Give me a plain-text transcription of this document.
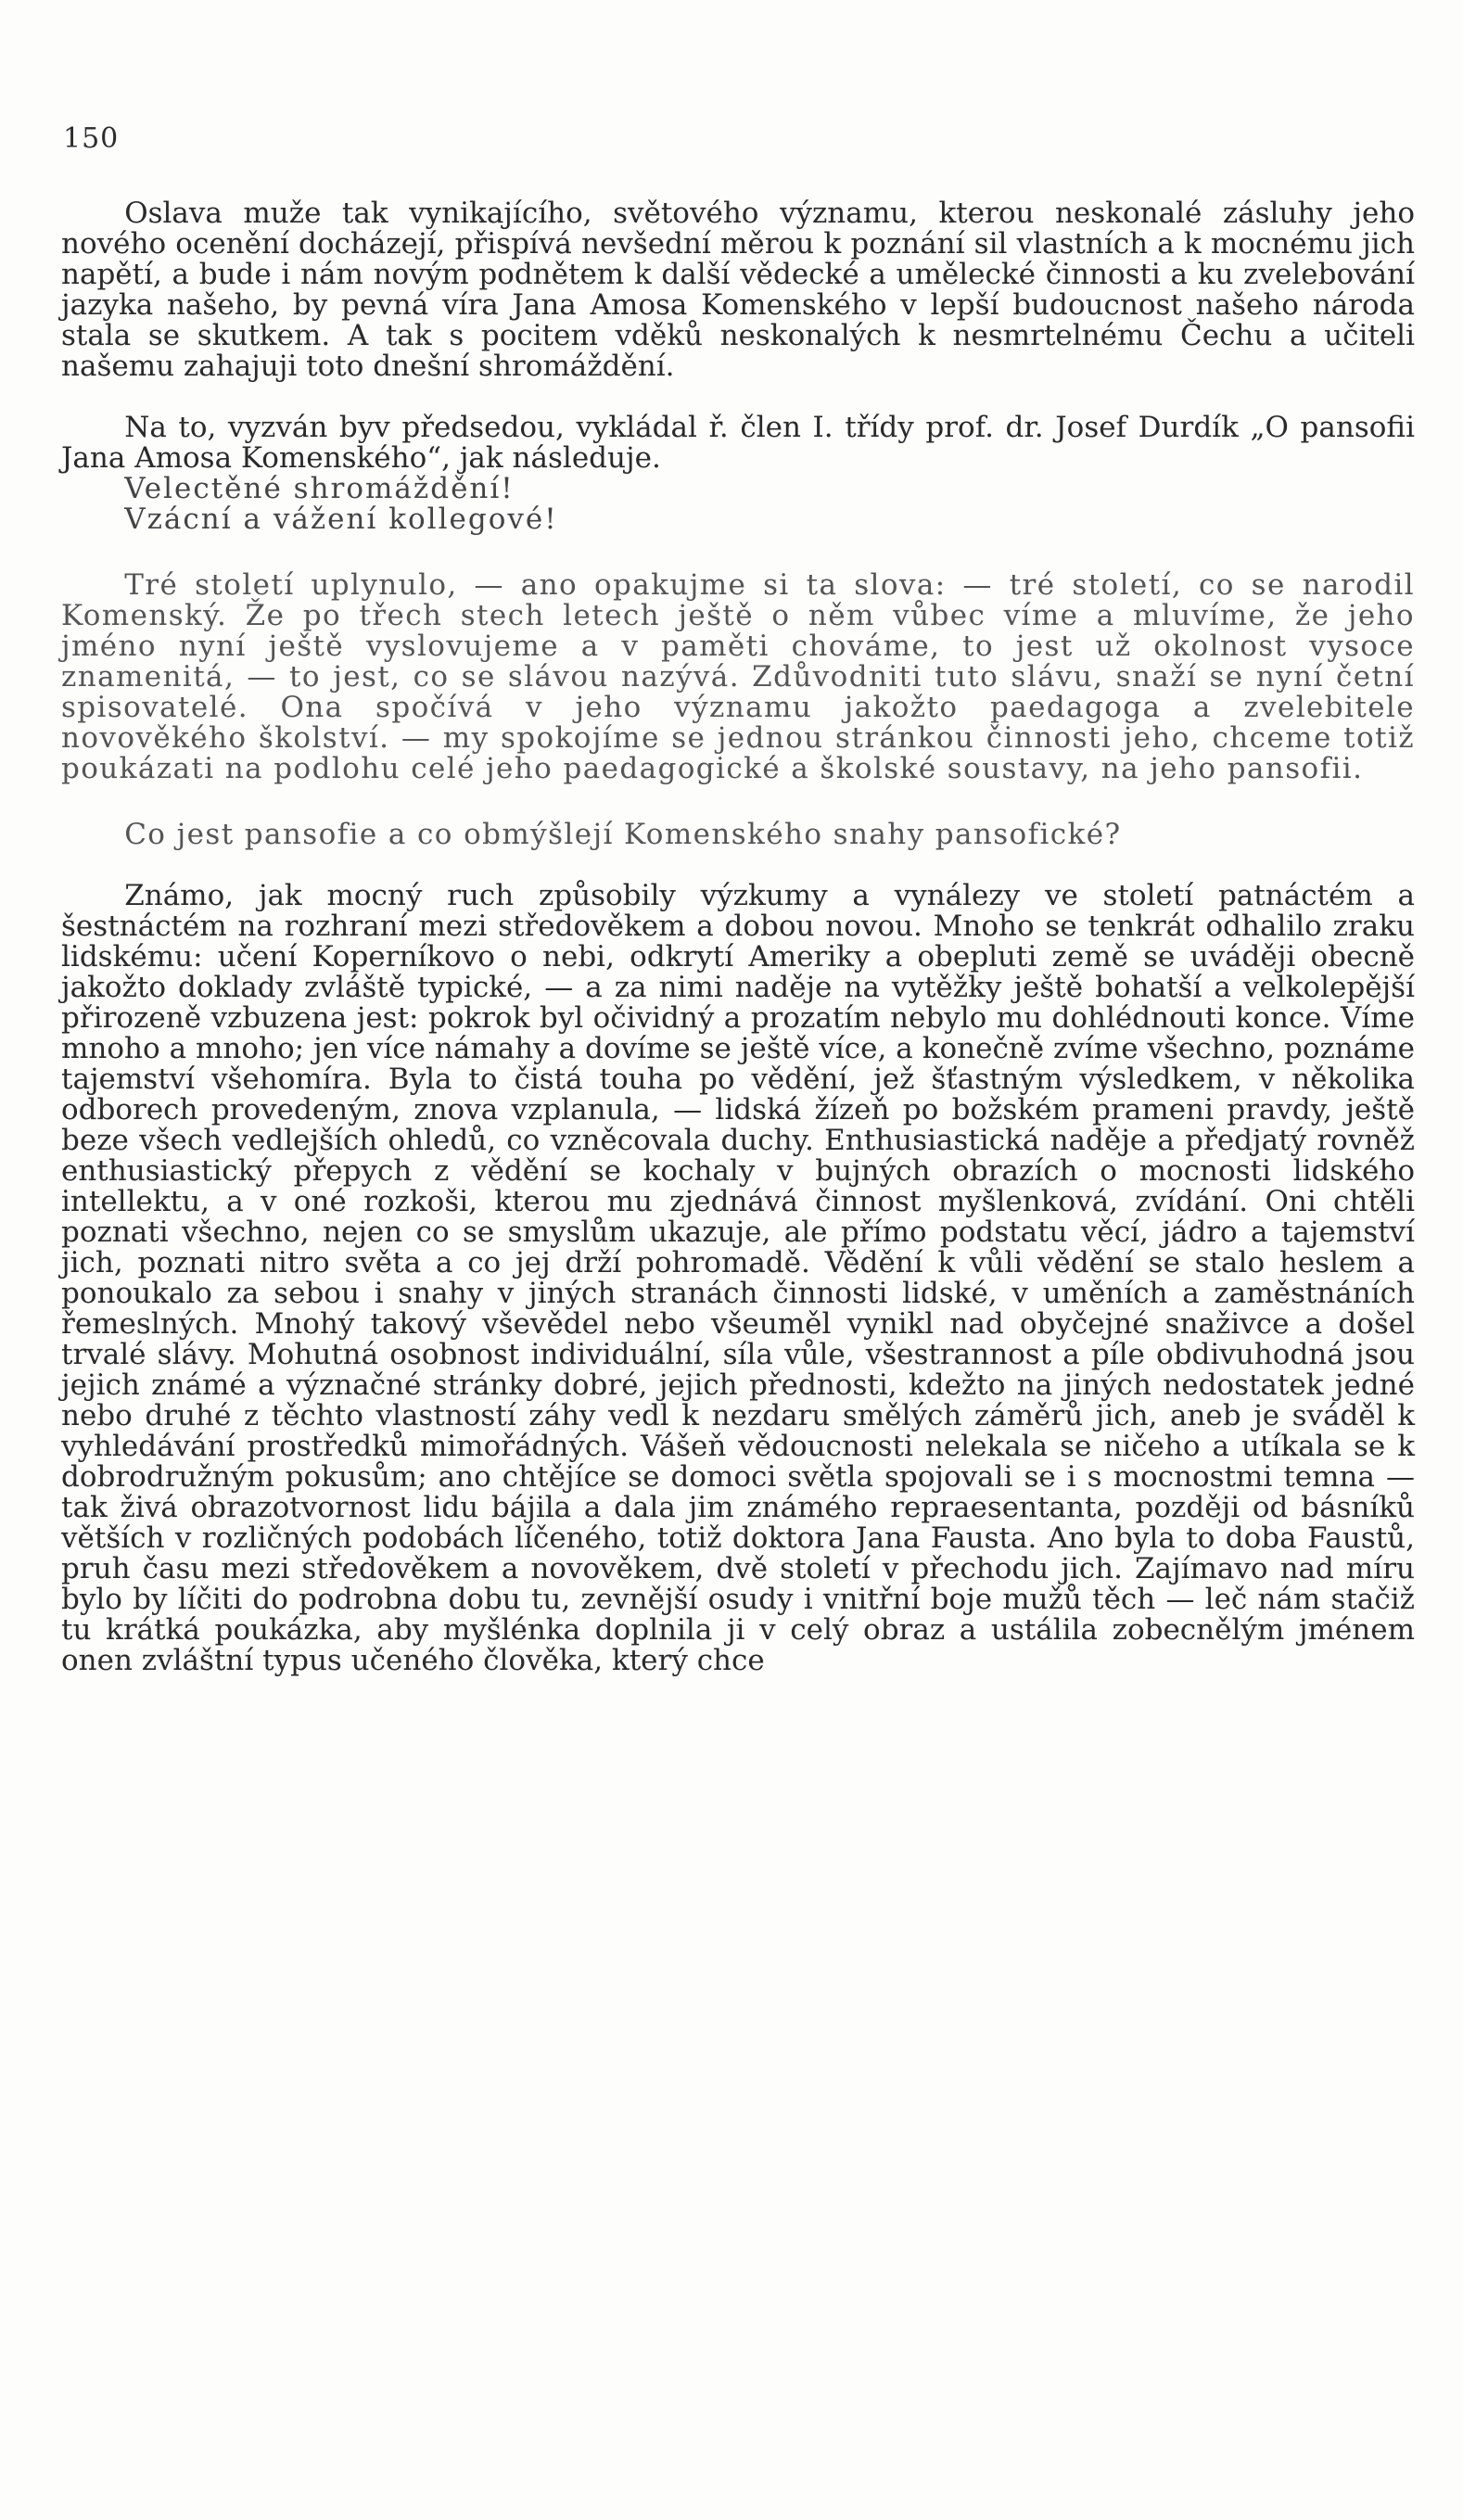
150

Oslava muže tak vynikajícího, světového významu, kterou neskonalé zásluhy jeho nového ocenění docházejí, přispívá nevšední měrou k poznání sil vlastních a k mocnému jich napětí, a bude i nám novým podnětem k další vědecké a umělecké činnosti a ku zvelebování jazyka našeho, by pevná víra Jana Amosa Komenského v lepší budoucnost našeho národa stala se skutkem. A tak s pocitem vděků neskonalých k nesmrtelnému Čechu a učiteli našemu zahajuji toto dnešní shromáždění.

Na to, vyzván byv předsedou, vykládal ř. člen I. třídy prof. dr. Josef Durdík „O pansofii Jana Amosa Komenského“, jak následuje.

Velectěné shromáždění!

Vzácní a vážení kollegové!

Tré století uplynulo, — ano opakujme si ta slova: — tré století, co se narodil Komenský. Že po třech stech letech ještě o něm vůbec víme a mluvíme, že jeho jméno nyní ještě vyslovujeme a v paměti chováme, to jest už okolnost vysoce znamenitá, — to jest, co se slávou nazývá. Zdůvodniti tuto slávu, snaží se nyní četní spisovatelé. Ona spočívá v jeho významu jakožto paedagoga a zvelebitele novověkého školství. — my spokojíme se jednou stránkou činnosti jeho, chceme totiž poukázati na podlohu celé jeho paedagogické a školské soustavy, na jeho pansofii.

Co jest pansofie a co obmýšlejí Komenského snahy pansofické?

Známo, jak mocný ruch způsobily výzkumy a vynálezy ve století patnáctém a šestnáctém na rozhraní mezi středověkem a dobou novou. Mnoho se tenkrát odhalilo zraku lidskému: učení Koperníkovo o nebi, odkrytí Ameriky a obepluti země se uváději obecně jakožto doklady zvláště typické, — a za nimi naděje na vytěžky ještě bohatší a velkolepější přirozeně vzbuzena jest: pokrok byl očividný a prozatím nebylo mu dohlédnouti konce. Víme mnoho a mnoho; jen více námahy a dovíme se ještě více, a konečně zvíme všechno, poznáme tajemství všehomíra. Byla to čistá touha po vědění, jež šťastným výsledkem, v několika odborech provedeným, znova vzplanula, — lidská žízeň po božském prameni pravdy, ještě beze všech vedlejších ohledů, co vzněcovala duchy. Enthusiastická naděje a předjatý rovněž enthusiastický přepych z vědění se kochaly v bujných obrazích o mocnosti lidského intellektu, a v oné rozkoši, kterou mu zjednává činnost myšlenková, zvídání. Oni chtěli poznati všechno, nejen co se smyslům ukazuje, ale přímo podstatu věcí, jádro a tajemství jich, poznati nitro světa a co jej drží pohromadě. Vědění k vůli vědění se stalo heslem a ponoukalo za sebou i snahy v jiných stranách činnosti lidské, v uměních a zaměstnáních řemeslných. Mnohý takový vševědel nebo všeuměl vynikl nad obyčejné snaživce a došel trvalé slávy. Mohutná osobnost individuální, síla vůle, všestrannost a píle obdivuhodná jsou jejich známé a význačné stránky dobré, jejich přednosti, kdežto na jiných nedostatek jedné nebo druhé z těchto vlastností záhy vedl k nezdaru smělých záměrů jich, aneb je sváděl k vyhledávání prostředků mimořádných. Vášeň vědoucnosti nelekala se ničeho a utíkala se k dobrodružným pokusům; ano chtějíce se domoci světla spojovali se i s mocnostmi temna — tak živá obrazotvornost lidu bájila a dala jim známého repraesentanta, později od básníků větších v rozličných podobách líčeného, totiž doktora Jana Fausta. Ano byla to doba Faustů, pruh času mezi středověkem a novověkem, dvě století v přechodu jich. Zajímavo nad míru bylo by líčiti do podrobna dobu tu, zevnější osudy i vnitřní boje mužů těch — leč nám stačiž tu krátká poukázka, aby myšlénka doplnila ji v celý obraz a ustálila zobecnělým jménem onen zvláštní typus učeného člověka, který chce
